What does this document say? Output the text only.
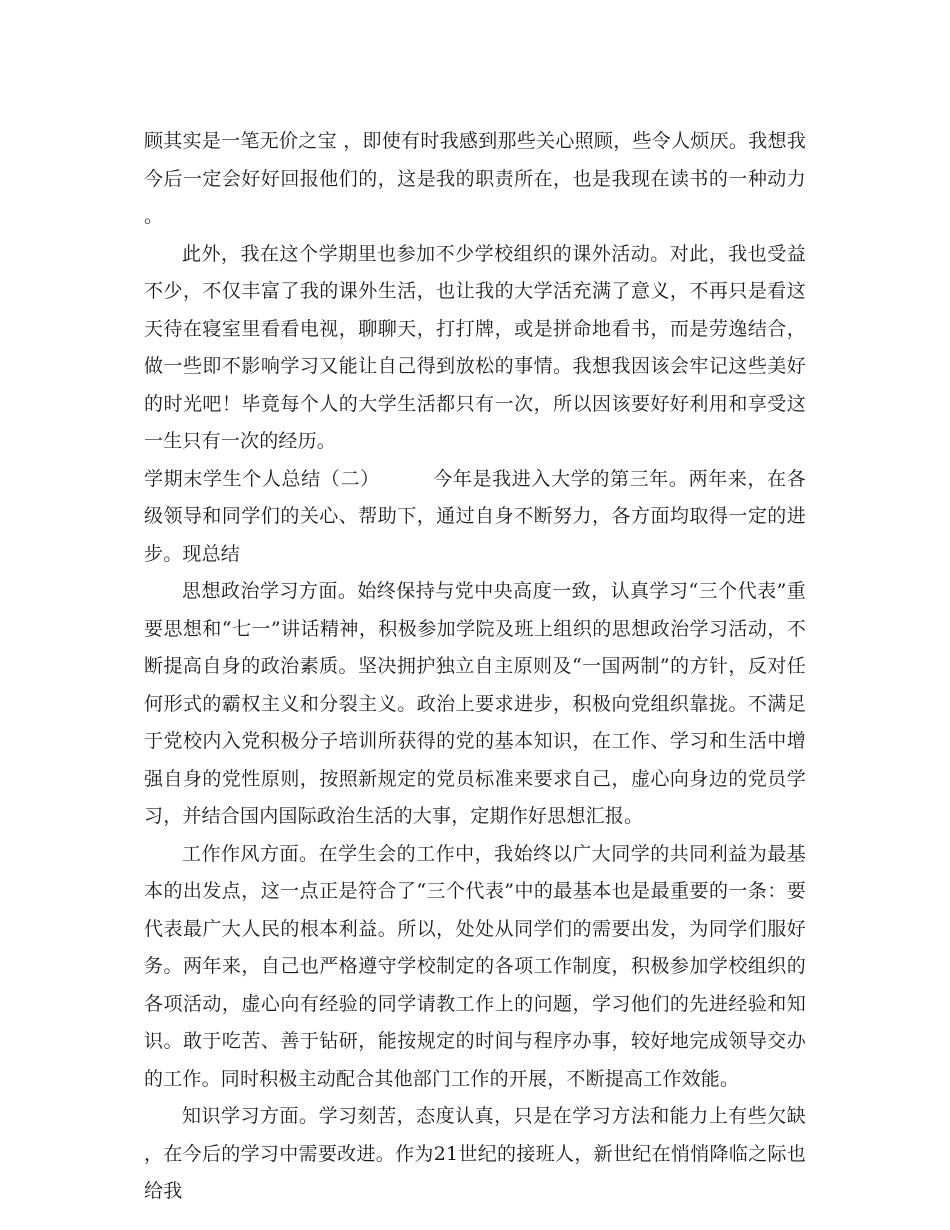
顾其实是一笔无价之宝 ，即使有时我感到那些关心照顾，些令人烦厌。我想我今后一定会好好回报他们的，这是我的职责所在，也是我现在读书的一种动力。

此外，我在这个学期里也参加不少学校组织的课外活动。对此，我也受益不少，不仅丰富了我的课外生活，也让我的大学活充满了意义，不再只是看这天待在寝室里看看电视，聊聊天，打打牌，或是拼命地看书，而是劳逸结合，做一些即不影响学习又能让自己得到放松的事情。我想我因该会牢记这些美好的时光吧！毕竟每个人的大学生活都只有一次，所以因该要好好利用和享受这一生只有一次的经历。

学期末学生个人总结（二）        今年是我进入大学的第三年。两年来，在各级领导和同学们的关心、帮助下，通过自身不断努力，各方面均取得一定的进步。现总结

思想政治学习方面。始终保持与党中央高度一致，认真学习“三个代表”重要思想和“七一”讲话精神，积极参加学院及班上组织的思想政治学习活动，不断提高自身的政治素质。坚决拥护独立自主原则及“一国两制”的方针，反对任何形式的霸权主义和分裂主义。政治上要求进步，积极向党组织靠拢。不满足于党校内入党积极分子培训所获得的党的基本知识，在工作、学习和生活中增强自身的党性原则，按照新规定的党员标准来要求自己，虚心向身边的党员学习，并结合国内国际政治生活的大事，定期作好思想汇报。

工作作风方面。在学生会的工作中，我始终以广大同学的共同利益为最基本的出发点，这一点正是符合了“三个代表”中的最基本也是最重要的一条：要代表最广大人民的根本利益。所以，处处从同学们的需要出发，为同学们服好务。两年来，自己也严格遵守学校制定的各项工作制度，积极参加学校组织的各项活动，虚心向有经验的同学请教工作上的问题，学习他们的先进经验和知识。敢于吃苦、善于钻研，能按规定的时间与程序办事，较好地完成领导交办的工作。同时积极主动配合其他部门工作的开展，不断提高工作效能。

知识学习方面。学习刻苦，态度认真，只是在学习方法和能力上有些欠缺，在今后的学习中需要改进。作为21世纪的接班人，新世纪在悄悄降临之际也给我
